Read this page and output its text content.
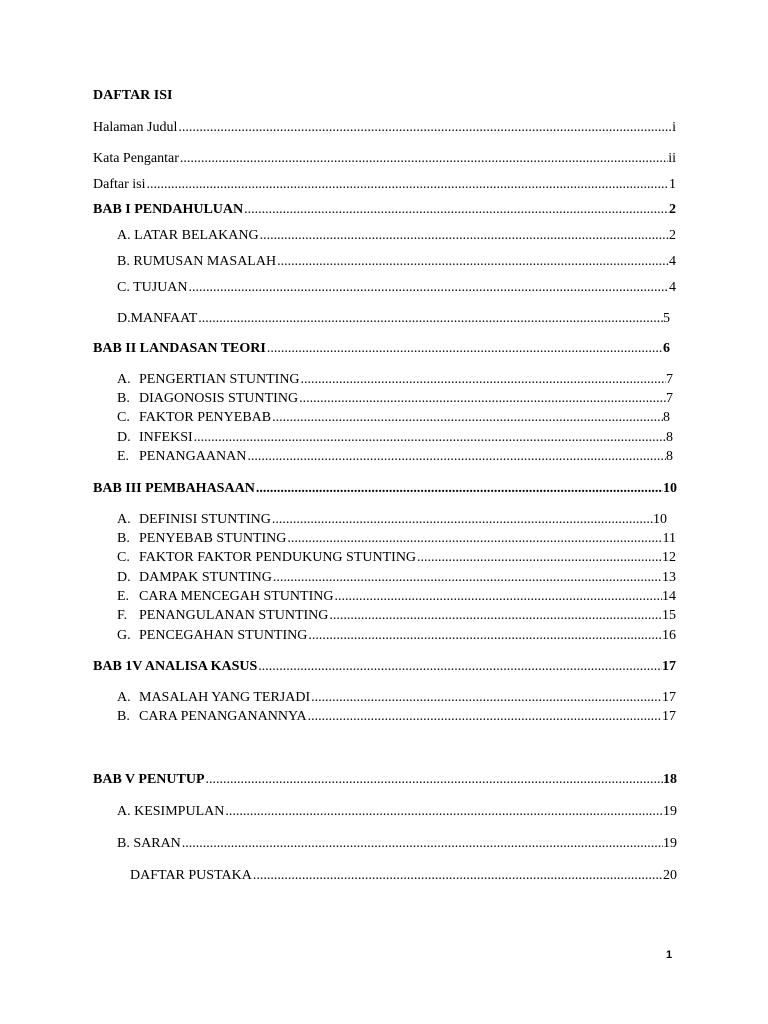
DAFTAR ISI
Halaman Judul .....	i
Kata Pengantar .....	ii
Daftar isi .....	1
BAB I PENDAHULUAN .....	2
A. LATAR BELAKANG .....	2
B. RUMUSAN MASALAH .....	4
C. TUJUAN .....	4
D.MANFAAT .....	5
BAB II LANDASAN TEORI .....	6
A. PENGERTIAN STUNTING .....	7
B. DIAGONOSIS STUNTING .....	7
C. FAKTOR PENYEBAB .....	8
D. INFEKSI .....	8
E. PENANGAANAN .....	8
BAB III PEMBAHASAAN .....	10
A. DEFINISI STUNTING .....	10
B. PENYEBAB STUNTING .....	11
C. FAKTOR FAKTOR PENDUKUNG STUNTING .....	12
D. DAMPAK STUNTING .....	13
E. CARA MENCEGAH STUNTING .....	14
F. PENANGULANAN STUNTING .....	15
G. PENCEGAHAN STUNTING .....	16
BAB 1V ANALISA KASUS .....	17
A. MASALAH YANG TERJADI .....	17
B. CARA PENANGANANNYA .....	17
BAB V PENUTUP .....	18
A. KESIMPULAN .....	19
B. SARAN .....	19
DAFTAR PUSTAKA .....	20
1
